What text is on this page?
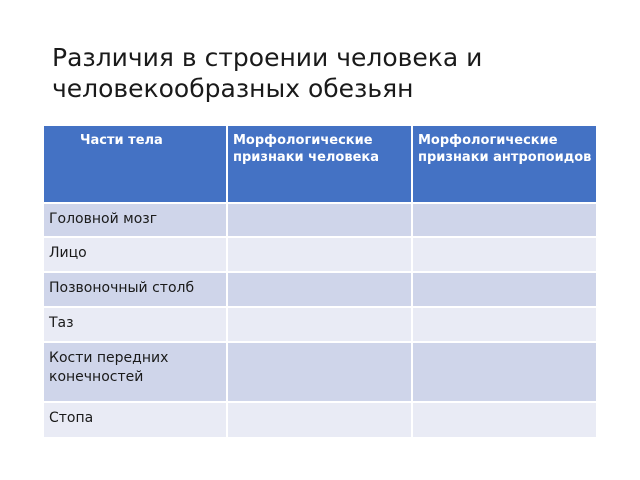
Различия в строении человека и человекообразных обезьян
Части тела	Морфологические признаки человека	Морфологические признаки антропоидов
Головной мозг		
Лицо		
Позвоночный столб		
Таз		
Кости передних конечностей		
Стопа		
